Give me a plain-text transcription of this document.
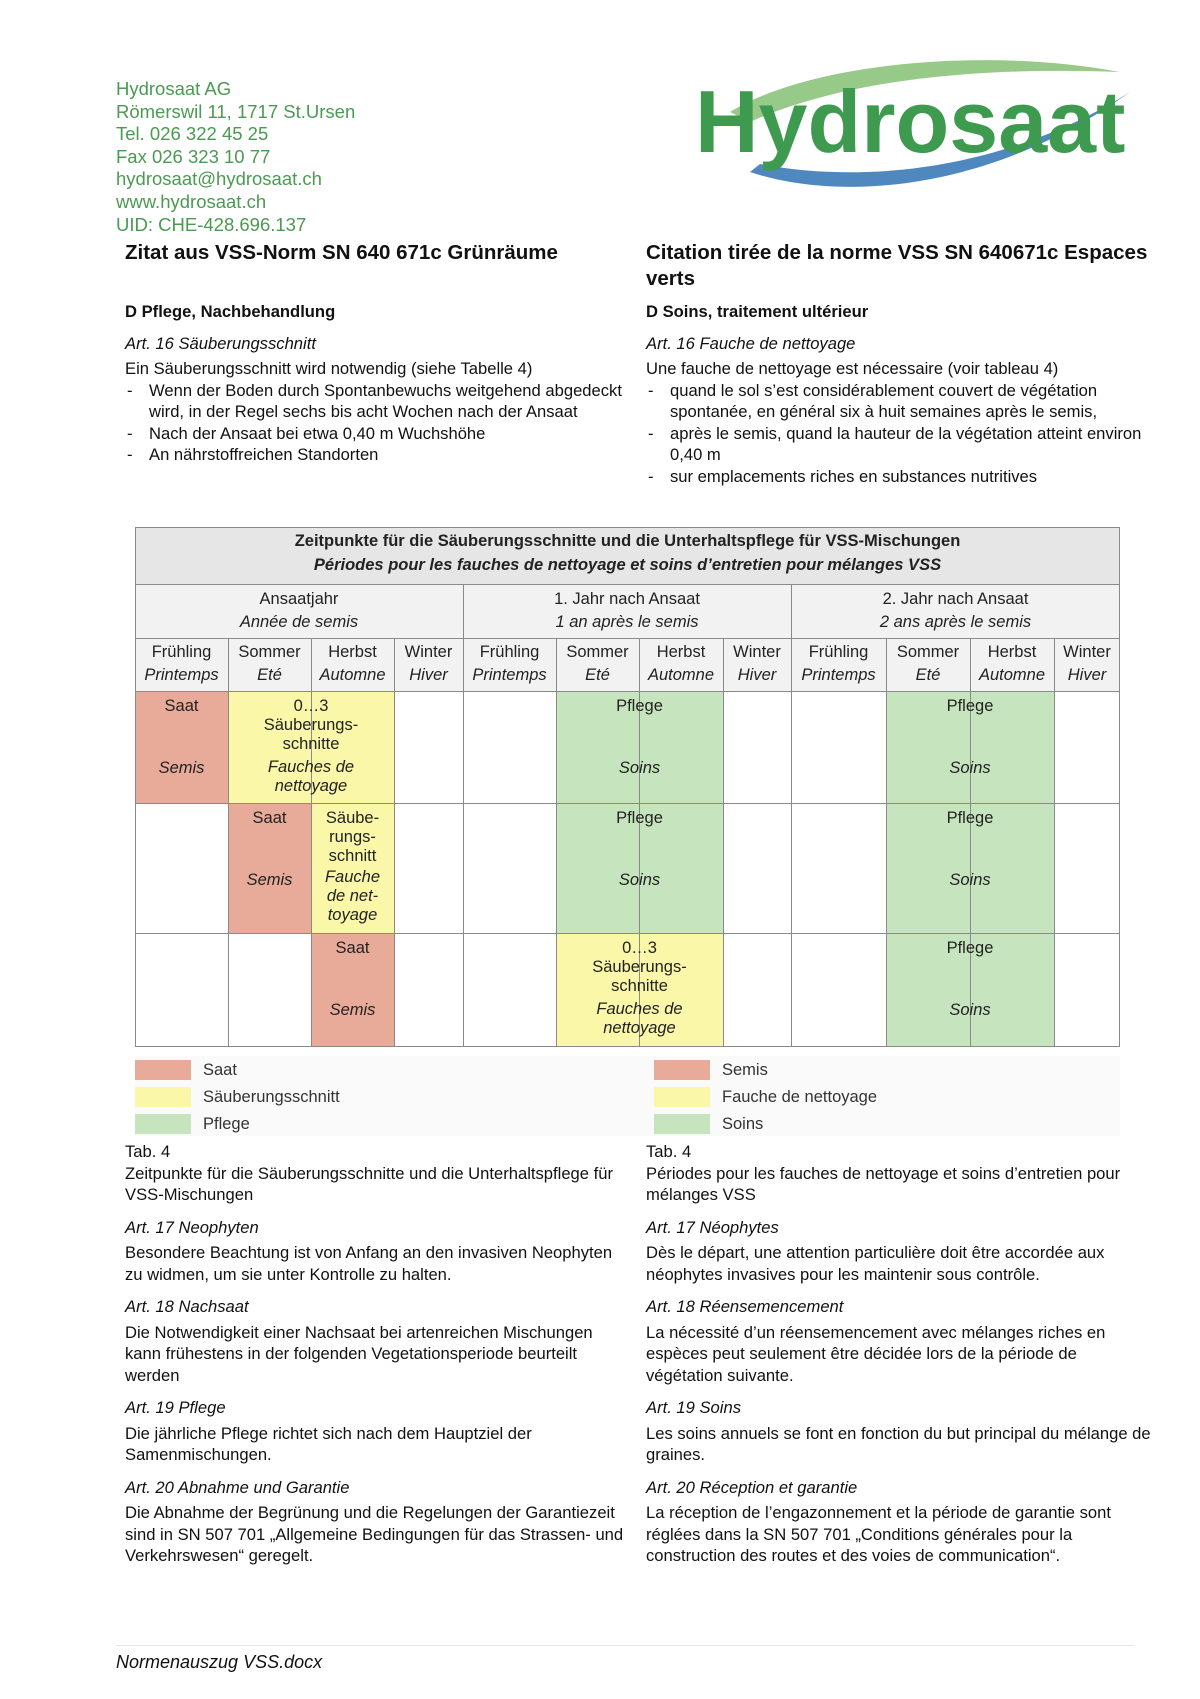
Hydrosaat AG
Römerswil 11, 1717 St.Ursen
Tel. 026 322 45 25
Fax 026 323 10 77
hydrosaat@hydrosaat.ch
www.hydrosaat.ch
UID: CHE-428.696.137
Hydrosaat
Zitat aus VSS-Norm SN 640 671c Grünräume
D Pflege, Nachbehandlung
Art. 16 Säuberungsschnitt
Ein Säuberungsschnitt wird notwendig (siehe Tabelle 4)
- Wenn der Boden durch Spontanbewuchs weitgehend abgedeckt wird, in der Regel sechs bis acht Wochen nach der Ansaat
- Nach der Ansaat bei etwa 0,40 m Wuchshöhe
- An nährstoffreichen Standorten
Citation tirée de la norme VSS SN 640671c Espaces verts
D Soins, traitement ultérieur
Art. 16 Fauche de nettoyage
Une fauche de nettoyage est nécessaire (voir tableau 4)
- quand le sol s’est considérablement couvert de végétation spontanée, en général six à huit semaines après le semis,
- après le semis, quand la hauteur de la végétation atteint environ 0,40 m
- sur emplacements riches en substances nutritives
Zeitpunkte für die Säuberungsschnitte und die Unterhaltspflege für VSS-Mischungen
Périodes pour les fauches de nettoyage et soins d’entretien pour mélanges VSS
Ansaatjahr
Année de semis
1. Jahr nach Ansaat
1 an après le semis
2. Jahr nach Ansaat
2 ans après le semis
Frühling
Printemps
Sommer
Eté
Herbst
Automne
Winter
Hiver
Frühling
Printemps
Sommer
Eté
Herbst
Automne
Winter
Hiver
Frühling
Printemps
Sommer
Eté
Herbst
Automne
Winter
Hiver
Saat
Semis
0…3
Säuberungs-schnitte
Fauches de nettoyage
Pflege
Soins
Pflege
Soins
Saat
Semis
Säube-rungs-schnitt
Fauche de net-toyage
Pflege
Soins
Pflege
Soins
Saat
Semis
0…3
Säuberungs-schnitte
Fauches de nettoyage
Pflege
Soins
Saat
Säuberungsschnitt
Pflege
Semis
Fauche de nettoyage
Soins
Tab. 4
Zeitpunkte für die Säuberungsschnitte und die Unterhaltspflege für VSS-Mischungen
Art. 17 Neophyten
Besondere Beachtung ist von Anfang an den invasiven Neophyten zu widmen, um sie unter Kontrolle zu halten.
Art. 18 Nachsaat
Die Notwendigkeit einer Nachsaat bei artenreichen Mischungen kann frühestens in der folgenden Vegetationsperiode beurteilt werden
Art. 19 Pflege
Die jährliche Pflege richtet sich nach dem Hauptziel der Samenmischungen.
Art. 20 Abnahme und Garantie
Die Abnahme der Begrünung und die Regelungen der Garantiezeit sind in SN 507 701 „Allgemeine Bedingungen für das Strassen- und Verkehrswesen“ geregelt.
Tab. 4
Périodes pour les fauches de nettoyage et soins d’entretien pour mélanges VSS
Art. 17 Néophytes
Dès le départ, une attention particulière doit être accordée aux néophytes invasives pour les maintenir sous contrôle.
Art. 18 Réensemencement
La nécessité d’un réensemencement avec mélanges riches en espèces peut seulement être décidée lors de la période de végétation suivante.
Art. 19 Soins
Les soins annuels se font en fonction du but principal du mélange de graines.
Art. 20 Réception et garantie
La réception de l’engazonnement et la période de garantie sont réglées dans la SN 507 701 „Conditions générales pour la construction des routes et des voies de communication“.
Normenauszug VSS.docx
